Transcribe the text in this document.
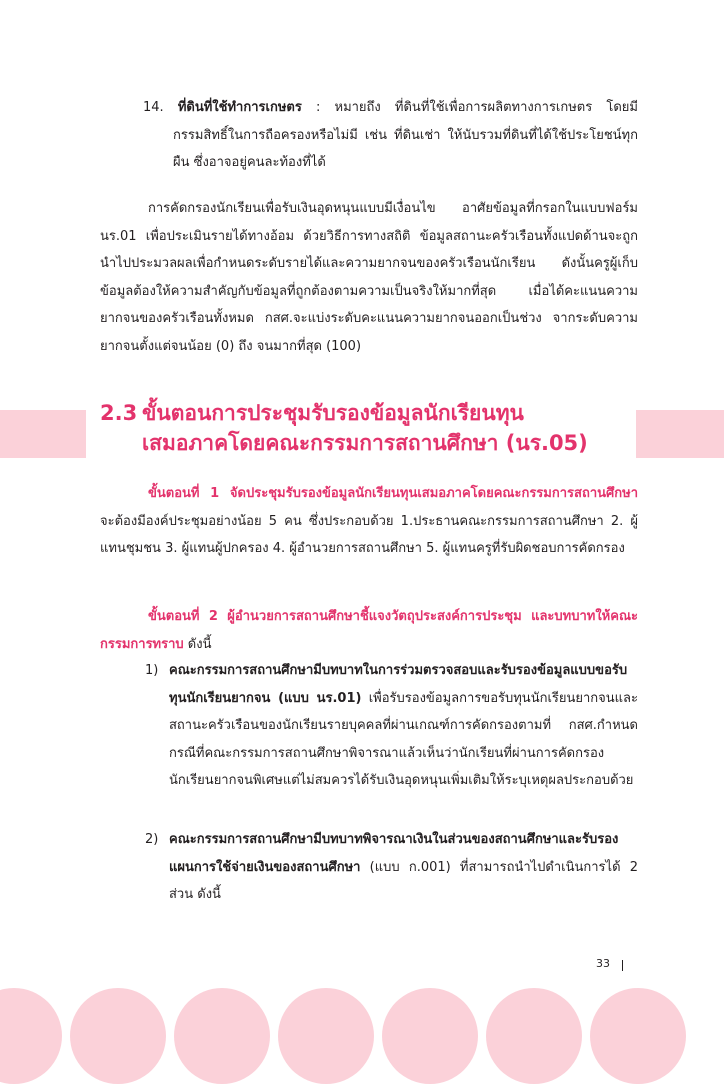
14. ที่ดินที่ใช้ทำการเกษตร : หมายถึง ที่ดินที่ใช้เพื่อการผลิตทางการเกษตร โดยมีกรรมสิทธิ์ในการถือครองหรือไม่มี เช่น ที่ดินเช่า ให้นับรวมที่ดินที่ได้ใช้ประโยชน์ทุกผืน ซึ่งอาจอยู่คนละท้องที่ได้

การคัดกรองนักเรียนเพื่อรับเงินอุดหนุนแบบมีเงื่อนไข อาศัยข้อมูลที่กรอกในแบบฟอร์ม นร.01 เพื่อประเมินรายได้ทางอ้อม ด้วยวิธีการทางสถิติ ข้อมูลสถานะครัวเรือนทั้งแปดด้านจะถูกนำไปประมวลผลเพื่อกำหนดระดับรายได้และความยากจนของครัวเรือนนักเรียน ดังนั้นครูผู้เก็บข้อมูลต้องให้ความสำคัญกับข้อมูลที่ถูกต้องตามความเป็นจริงให้มากที่สุด เมื่อได้คะแนนความยากจนของครัวเรือนทั้งหมด กสศ.จะแบ่งระดับคะแนนความยากจนออกเป็นช่วง จากระดับความยากจนตั้งแต่จนน้อย (0) ถึง จนมากที่สุด (100)

2.3 ขั้นตอนการประชุมรับรองข้อมูลนักเรียนทุน
เสมอภาคโดยคณะกรรมการสถานศึกษา (นร.05)

ขั้นตอนที่ 1 จัดประชุมรับรองข้อมูลนักเรียนทุนเสมอภาคโดยคณะกรรมการสถานศึกษา จะต้องมีองค์ประชุมอย่างน้อย 5 คน ซึ่งประกอบด้วย 1.ประธานคณะกรรมการสถานศึกษา 2. ผู้แทนชุมชน 3. ผู้แทนผู้ปกครอง 4. ผู้อำนวยการสถานศึกษา 5. ผู้แทนครูที่รับผิดชอบการคัดกรอง

ขั้นตอนที่ 2 ผู้อำนวยการสถานศึกษาชี้แจงวัตถุประสงค์การประชุม และบทบาทให้คณะกรรมการทราบ ดังนี้

1) คณะกรรมการสถานศึกษามีบทบาทในการร่วมตรวจสอบและรับรองข้อมูลแบบขอรับทุนนักเรียนยากจน (แบบ นร.01) เพื่อรับรองข้อมูลการขอรับทุนนักเรียนยากจนและสถานะครัวเรือนของนักเรียนรายบุคคลที่ผ่านเกณฑ์การคัดกรองตามที่ กสศ.กำหนด กรณีที่คณะกรรมการสถานศึกษาพิจารณาแล้วเห็นว่านักเรียนที่ผ่านการคัดกรองนักเรียนยากจนพิเศษแต่ไม่สมควรได้รับเงินอุดหนุนเพิ่มเติมให้ระบุเหตุผลประกอบด้วย
2) คณะกรรมการสถานศึกษามีบทบาทพิจารณาเงินในส่วนของสถานศึกษาและรับรองแผนการใช้จ่ายเงินของสถานศึกษา (แบบ ก.001) ที่สามารถนำไปดำเนินการได้ 2 ส่วน ดังนี้
33
